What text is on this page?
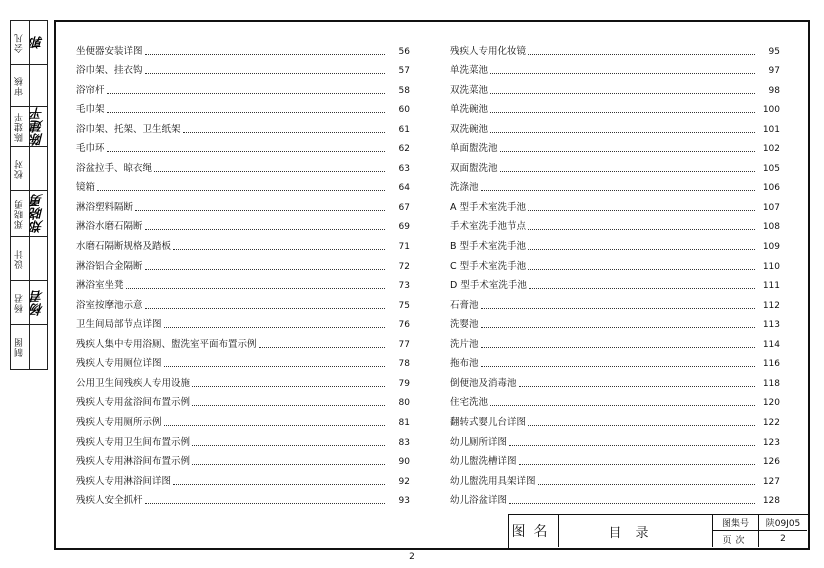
会凡 郭
审核
陈建平 陈建平
校对
郑晓勇 郑晓勇
设计
杨君 杨君
制图
坐便器安装详图	56
浴巾架、挂衣钩	57
浴帘杆	58
毛巾架	60
浴巾架、托架、卫生纸架	61
毛巾环	62
浴盆拉手、晾衣绳	63
镜箱	64
淋浴塑料隔断	67
淋浴水磨石隔断	69
水磨石隔断规格及踏板	71
淋浴铝合金隔断	72
淋浴室坐凳	73
浴室按摩池示意	75
卫生间局部节点详图	76
残疾人集中专用浴厕、盥洗室平面布置示例	77
残疾人专用厕位详图	78
公用卫生间残疾人专用设施	79
残疾人专用盆浴间布置示例	80
残疾人专用厕所示例	81
残疾人专用卫生间布置示例	83
残疾人专用淋浴间布置示例	90
残疾人专用淋浴间详图	92
残疾人安全抓杆	93
残疾人专用化妆镜	95
单洗菜池	97
双洗菜池	98
单洗碗池	100
双洗碗池	101
单面盥洗池	102
双面盥洗池	105
洗涤池	106
A 型手术室洗手池	107
手术室洗手池节点	108
B 型手术室洗手池	109
C 型手术室洗手池	110
D 型手术室洗手池	111
石膏池	112
洗婴池	113
洗片池	114
拖布池	116
倒便池及消毒池	118
住宅洗池	120
翻转式婴儿台详图	122
幼儿厕所详图	123
幼儿盥洗槽详图	126
幼儿盥洗用具架详图	127
幼儿浴盆详图	128
图名	目录
图集号	陕09J05
页次	2
2
